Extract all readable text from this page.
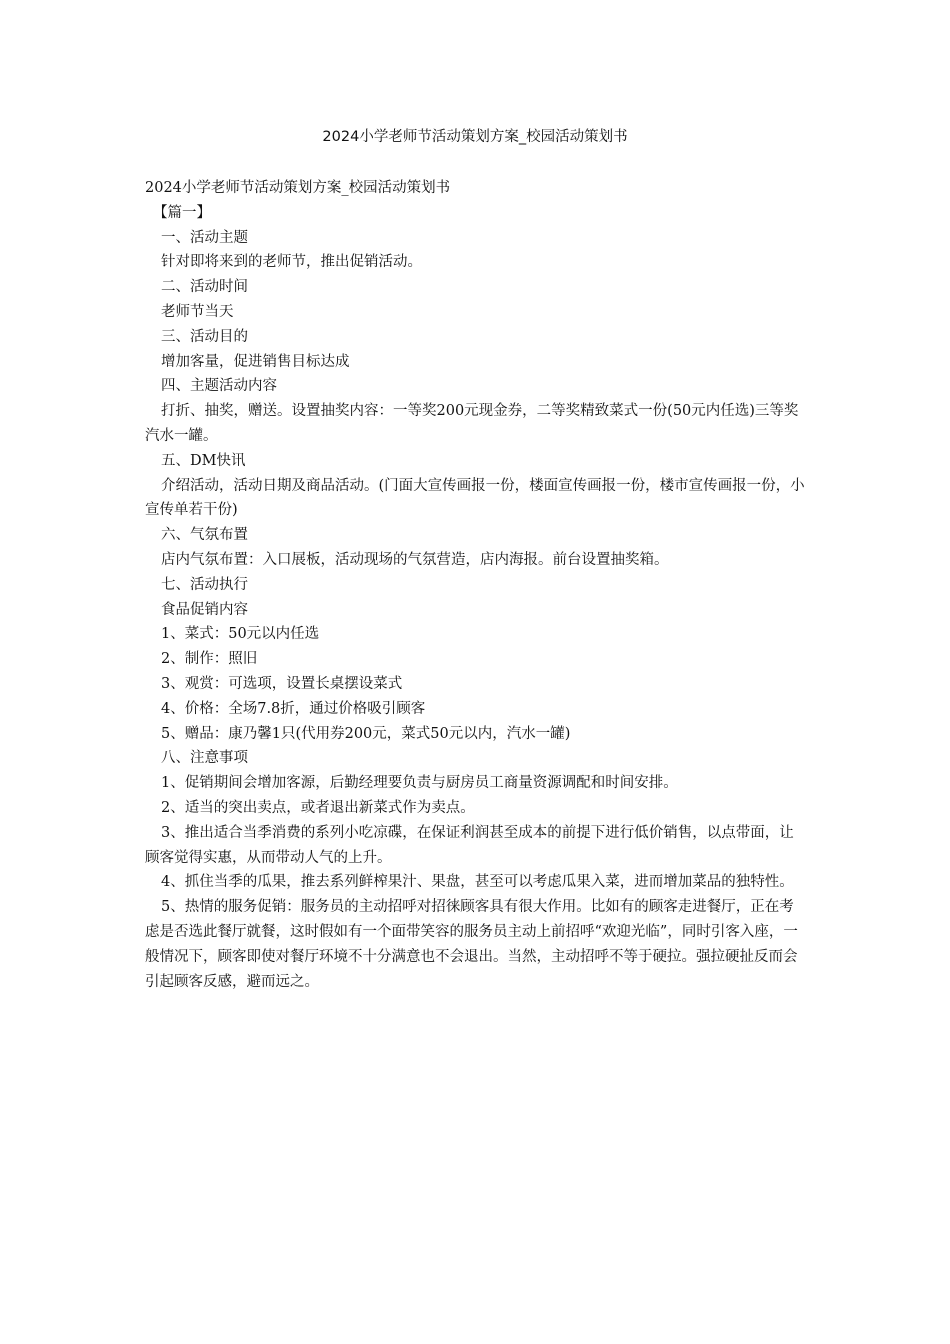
2024小学老师节活动策划方案_校园活动策划书

2024小学老师节活动策划方案_校园活动策划书

【篇一】

一、活动主题

针对即将来到的老师节，推出促销活动。

二、活动时间

老师节当天

三、活动目的

增加客量，促进销售目标达成

四、主题活动内容

打折、抽奖，赠送。设置抽奖内容：一等奖200元现金券，二等奖精致菜式一份(50元内任选)三等奖汽水一罐。

五、DM快讯

介绍活动，活动日期及商品活动。(门面大宣传画报一份，楼面宣传画报一份，楼市宣传画报一份，小宣传单若干份)

六、气氛布置

店内气氛布置：入口展板，活动现场的气氛营造，店内海报。前台设置抽奖箱。

七、活动执行

食品促销内容

1、菜式：50元以内任选

2、制作：照旧

3、观赏：可选项，设置长桌摆设菜式

4、价格：全场7.8折，通过价格吸引顾客

5、赠品：康乃馨1只(代用券200元，菜式50元以内，汽水一罐)

八、注意事项

1、促销期间会增加客源，后勤经理要负责与厨房员工商量资源调配和时间安排。

2、适当的突出卖点，或者退出新菜式作为卖点。

3、推出适合当季消费的系列小吃凉碟，在保证利润甚至成本的前提下进行低价销售，以点带面，让顾客觉得实惠，从而带动人气的上升。

4、抓住当季的瓜果，推去系列鲜榨果汁、果盘，甚至可以考虑瓜果入菜，进而增加菜品的独特性。

5、热情的服务促销：服务员的主动招呼对招徕顾客具有很大作用。比如有的顾客走进餐厅，正在考虑是否选此餐厅就餐，这时假如有一个面带笑容的服务员主动上前招呼“欢迎光临”，同时引客入座，一般情况下，顾客即使对餐厅环境不十分满意也不会退出。当然，主动招呼不等于硬拉。强拉硬扯反而会引起顾客反感，避而远之。
